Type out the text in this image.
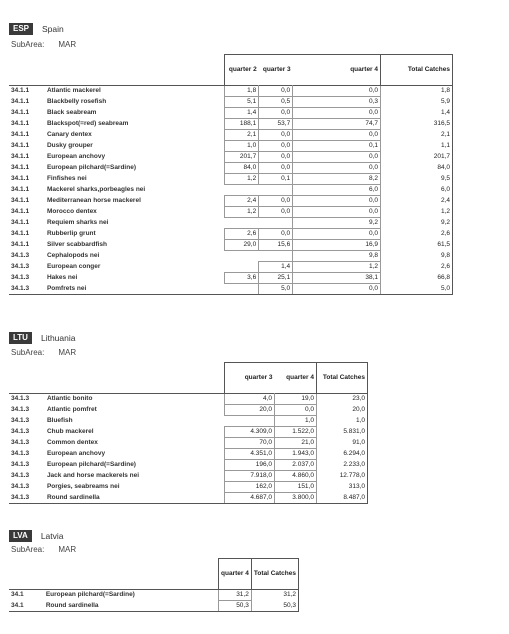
ESP	Spain
SubArea: MAR
		quarter 2	quarter 3	quarter 4	Total Catches
34.1.1	Atlantic mackerel	1,8	0,0	0,0	1,8
34.1.1	Blackbelly rosefish	5,1	0,5	0,3	5,9
34.1.1	Black seabream	1,4	0,0	0,0	1,4
34.1.1	Blackspot(=red) seabream	188,1	53,7	74,7	316,5
34.1.1	Canary dentex	2,1	0,0	0,0	2,1
34.1.1	Dusky grouper	1,0	0,0	0,1	1,1
34.1.1	European anchovy	201,7	0,0	0,0	201,7
34.1.1	European pilchard(=Sardine)	84,0	0,0	0,0	84,0
34.1.1	Finfishes nei	1,2	0,1	8,2	9,5
34.1.1	Mackerel sharks,porbeagles nei			6,0	6,0
34.1.1	Mediterranean horse mackerel	2,4	0,0	0,0	2,4
34.1.1	Morocco dentex	1,2	0,0	0,0	1,2
34.1.1	Requiem sharks nei			9,2	9,2
34.1.1	Rubberlip grunt	2,6	0,0	0,0	2,6
34.1.1	Silver scabbardfish	29,0	15,6	16,9	61,5
34.1.3	Cephalopods nei			9,8	9,8
34.1.3	European conger		1,4	1,2	2,6
34.1.3	Hakes nei	3,6	25,1	38,1	66,8
34.1.3	Pomfrets nei		5,0	0,0	5,0
LTU	Lithuania
SubArea: MAR
		quarter 3	quarter 4	Total Catches
34.1.3	Atlantic bonito	4,0	19,0	23,0
34.1.3	Atlantic pomfret	20,0	0,0	20,0
34.1.3	Bluefish		1,0	1,0
34.1.3	Chub mackerel	4.309,0	1.522,0	5.831,0
34.1.3	Common dentex	70,0	21,0	91,0
34.1.3	European anchovy	4.351,0	1.943,0	6.294,0
34.1.3	European pilchard(=Sardine)	196,0	2.037,0	2.233,0
34.1.3	Jack and horse mackerels nei	7.918,0	4.860,0	12.778,0
34.1.3	Porgies, seabreams nei	162,0	151,0	313,0
34.1.3	Round sardinella	4.687,0	3.800,0	8.487,0
LVA	Latvia
SubArea: MAR
		quarter 4	Total Catches
34.1	European pilchard(=Sardine)	31,2	31,2
34.1	Round sardinella	50,3	50,3
